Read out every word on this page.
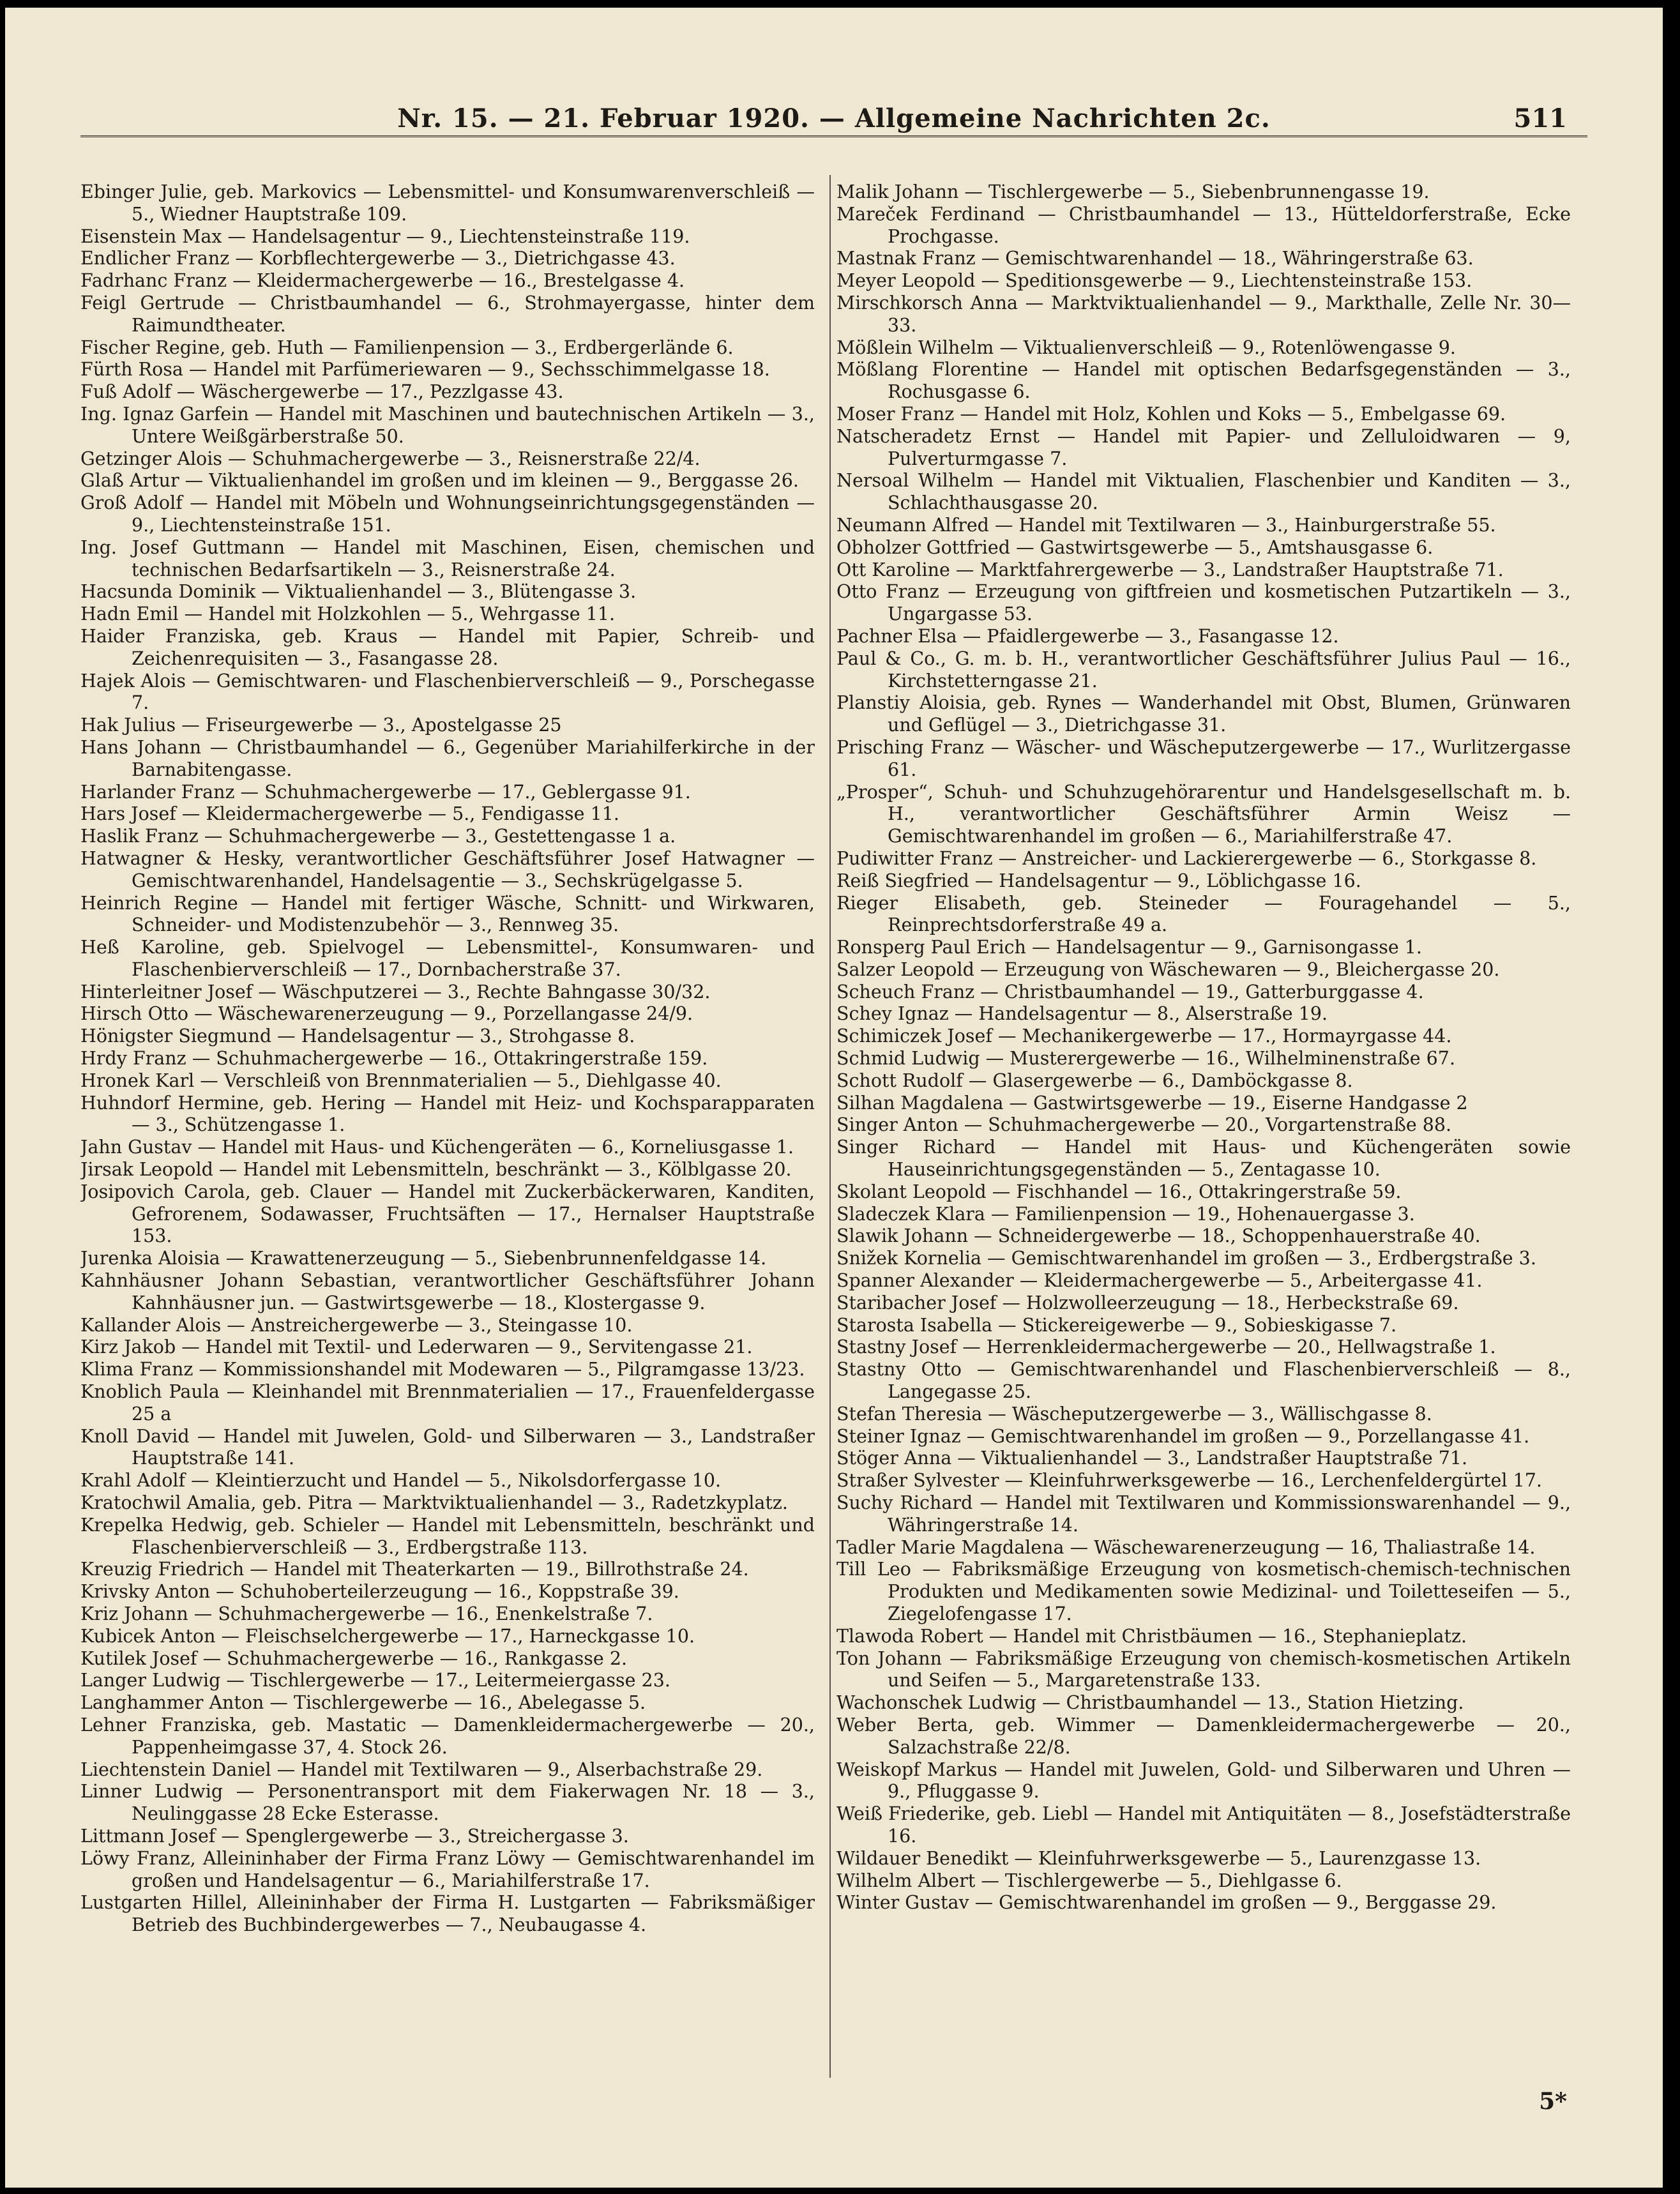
Nr. 15. — 21. Februar 1920. — Allgemeine Nachrichten 2c.	511

Ebinger Julie, geb. Markovics — Lebensmittel- und Konsumwarenverschleiß — 5., Wiedner Hauptstraße 109.

Eisenstein Max — Handelsagentur — 9., Liechtensteinstraße 119.

Endlicher Franz — Korbflechtergewerbe — 3., Dietrichgasse 43.

Fadrhanc Franz — Kleidermachergewerbe — 16., Brestelgasse 4.

Feigl Gertrude — Christbaumhandel — 6., Strohmayergasse, hinter dem Raimundtheater.

Fischer Regine, geb. Huth — Familienpension — 3., Erdbergerlände 6.

Fürth Rosa — Handel mit Parfümeriewaren — 9., Sechsschimmelgasse 18.

Fuß Adolf — Wäschergewerbe — 17., Pezzlgasse 43.

Ing. Ignaz Garfein — Handel mit Maschinen und bautechnischen Artikeln — 3., Untere Weißgärberstraße 50.

Getzinger Alois — Schuhmachergewerbe — 3., Reisnerstraße 22/4.

Glaß Artur — Viktualienhandel im großen und im kleinen — 9., Berggasse 26.

Groß Adolf — Handel mit Möbeln und Wohnungseinrichtungsgegenständen — 9., Liechtensteinstraße 151.

Ing. Josef Guttmann — Handel mit Maschinen, Eisen, chemischen und technischen Bedarfsartikeln — 3., Reisnerstraße 24.

Hacsunda Dominik — Viktualienhandel — 3., Blütengasse 3.

Hadn Emil — Handel mit Holzkohlen — 5., Wehrgasse 11.

Haider Franziska, geb. Kraus — Handel mit Papier, Schreib- und Zeichenrequisiten — 3., Fasangasse 28.

Hajek Alois — Gemischtwaren- und Flaschenbierverschleiß — 9., Porschegasse 7.

Hak Julius — Friseurgewerbe — 3., Apostelgasse 25

Hans Johann — Christbaumhandel — 6., Gegenüber Mariahilferkirche in der Barnabitengasse.

Harlander Franz — Schuhmachergewerbe — 17., Geblergasse 91.

Hars Josef — Kleidermachergewerbe — 5., Fendigasse 11.

Haslik Franz — Schuhmachergewerbe — 3., Gestettengasse 1 a.

Hatwagner & Hesky, verantwortlicher Geschäftsführer Josef Hatwagner — Gemischtwarenhandel, Handelsagentie — 3., Sechskrügelgasse 5.

Heinrich Regine — Handel mit fertiger Wäsche, Schnitt- und Wirkwaren, Schneider- und Modistenzubehör — 3., Rennweg 35.

Heß Karoline, geb. Spielvogel — Lebensmittel-, Konsumwaren- und Flaschenbierverschleiß — 17., Dornbacherstraße 37.

Hinterleitner Josef — Wäschputzerei — 3., Rechte Bahngasse 30/32.

Hirsch Otto — Wäschewarenerzeugung — 9., Porzellangasse 24/9.

Hönigster Siegmund — Handelsagentur — 3., Strohgasse 8.

Hrdy Franz — Schuhmachergewerbe — 16., Ottakringerstraße 159.

Hronek Karl — Verschleiß von Brennmaterialien — 5., Diehlgasse 40.

Huhndorf Hermine, geb. Hering — Handel mit Heiz- und Kochsparapparaten — 3., Schützengasse 1.

Jahn Gustav — Handel mit Haus- und Küchengeräten — 6., Korneliusgasse 1.

Jirsak Leopold — Handel mit Lebensmitteln, beschränkt — 3., Kölblgasse 20.

Josipovich Carola, geb. Clauer — Handel mit Zuckerbäckerwaren, Kanditen, Gefrorenem, Sodawasser, Fruchtsäften — 17., Hernalser Hauptstraße 153.

Jurenka Aloisia — Krawattenerzeugung — 5., Siebenbrunnenfeldgasse 14.

Kahnhäusner Johann Sebastian, verantwortlicher Geschäftsführer Johann Kahnhäusner jun. — Gastwirtsgewerbe — 18., Klostergasse 9.

Kallander Alois — Anstreichergewerbe — 3., Steingasse 10.

Kirz Jakob — Handel mit Textil- und Lederwaren — 9., Servitengasse 21.

Klima Franz — Kommissionshandel mit Modewaren — 5., Pilgramgasse 13/23.

Knoblich Paula — Kleinhandel mit Brennmaterialien — 17., Frauenfeldergasse 25 a

Knoll David — Handel mit Juwelen, Gold- und Silberwaren — 3., Landstraßer Hauptstraße 141.

Krahl Adolf — Kleintierzucht und Handel — 5., Nikolsdorfergasse 10.

Kratochwil Amalia, geb. Pitra — Marktviktualienhandel — 3., Radetzkyplatz.

Krepelka Hedwig, geb. Schieler — Handel mit Lebensmitteln, beschränkt und Flaschenbierverschleiß — 3., Erdbergstraße 113.

Kreuzig Friedrich — Handel mit Theaterkarten — 19., Billrothstraße 24.

Krivsky Anton — Schuhoberteilerzeugung — 16., Koppstraße 39.

Kriz Johann — Schuhmachergewerbe — 16., Enenkelstraße 7.

Kubicek Anton — Fleischselchergewerbe — 17., Harneckgasse 10.

Kutilek Josef — Schuhmachergewerbe — 16., Rankgasse 2.

Langer Ludwig — Tischlergewerbe — 17., Leitermeiergasse 23.

Langhammer Anton — Tischlergewerbe — 16., Abelegasse 5.

Lehner Franziska, geb. Mastatic — Damenkleidermachergewerbe — 20., Pappenheimgasse 37, 4. Stock 26.

Liechtenstein Daniel — Handel mit Textilwaren — 9., Alserbachstraße 29.

Linner Ludwig — Personentransport mit dem Fiakerwagen Nr. 18 — 3., Neulinggasse 28 Ecke Esteгasse.

Littmann Josef — Spenglergewerbe — 3., Streichergasse 3.

Löwy Franz, Alleininhaber der Firma Franz Löwy — Gemischtwarenhandel im großen und Handelsagentur — 6., Mariahilferstraße 17.

Lustgarten Hillel, Alleininhaber der Firma H. Lustgarten — Fabriksmäßiger Betrieb des Buchbindergewerbes — 7., Neubaugasse 4.

Malik Johann — Tischlergewerbe — 5., Siebenbrunnengasse 19.

Mareček Ferdinand — Christbaumhandel — 13., Hütteldorferstraße, Ecke Prochgasse.

Mastnak Franz — Gemischtwarenhandel — 18., Währingerstraße 63.

Meyer Leopold — Speditionsgewerbe — 9., Liechtensteinstraße 153.

Mirschkorsch Anna — Marktviktualienhandel — 9., Markthalle, Zelle Nr. 30—33.

Mößlein Wilhelm — Viktualienverschleiß — 9., Rotenlöwengasse 9.

Mößlang Florentine — Handel mit optischen Bedarfsgegenständen — 3., Rochusgasse 6.

Moser Franz — Handel mit Holz, Kohlen und Koks — 5., Embelgasse 69.

Natscheradetz Ernst — Handel mit Papier- und Zelluloidwaren — 9, Pulverturmgasse 7.

Nersoal Wilhelm — Handel mit Viktualien, Flaschenbier und Kanditen — 3., Schlachthausgasse 20.

Neumann Alfred — Handel mit Textilwaren — 3., Hainburgerstraße 55.

Obholzer Gottfried — Gastwirtsgewerbe — 5., Amtshausgasse 6.

Ott Karoline — Marktfahrergewerbe — 3., Landstraßer Hauptstraße 71.

Otto Franz — Erzeugung von giftfreien und kosmetischen Putzartikeln — 3., Ungargasse 53.

Pachner Elsa — Pfaidlergewerbe — 3., Fasangasse 12.

Paul & Co., G. m. b. H., verantwortlicher Geschäftsführer Julius Paul — 16., Kirchstetterngasse 21.

Planstiy Aloisia, geb. Rynes — Wanderhandel mit Obst, Blumen, Grünwaren und Geflügel — 3., Dietrichgasse 31.

Prisching Franz — Wäscher- und Wäscheputzergewerbe — 17., Wurlitzergasse 61.

„Prosper“, Schuh- und Schuhzugehörагentur und Handelsgesellschaft m. b. H., verantwortlicher Geschäftsführer Armin Weisz — Gemischtwarenhandel im großen — 6., Mariahilferstraße 47.

Pudiwitter Franz — Anstreicher- und Lackierergewerbe — 6., Storkgasse 8.

Reiß Siegfried — Handelsagentur — 9., Löblichgasse 16.

Rieger Elisabeth, geb. Steineder — Fouragehandel — 5., Reinprechtsdorferstraße 49 a.

Ronsperg Paul Erich — Handelsagentur — 9., Garnisongasse 1.

Salzer Leopold — Erzeugung von Wäschewaren — 9., Bleichergasse 20.

Scheuch Franz — Christbaumhandel — 19., Gatterburggasse 4.

Schey Ignaz — Handelsagentur — 8., Alserstraße 19.

Schimiczek Josef — Mechanikergewerbe — 17., Hormayrgasse 44.

Schmid Ludwig — Musterergewerbe — 16., Wilhelminenstraße 67.

Schott Rudolf — Glasergewerbe — 6., Damböckgasse 8.

Silhan Magdalena — Gastwirtsgewerbe — 19., Eiserne Handgasse 2

Singer Anton — Schuhmachergewerbe — 20., Vorgartenstraße 88.

Singer Richard — Handel mit Haus- und Küchengeräten sowie Hauseinrichtungsgegenständen — 5., Zentagasse 10.

Skolant Leopold — Fischhandel — 16., Ottakringerstraße 59.

Sladeczek Klara — Familienpension — 19., Hohenauergasse 3.

Slawik Johann — Schneidergewerbe — 18., Schoppenhauerstraße 40.

Snižek Kornelia — Gemischtwarenhandel im großen — 3., Erdbergstraße 3.

Spanner Alexander — Kleidermachergewerbe — 5., Arbeitergasse 41.

Staribacher Josef — Holzwolleerzeugung — 18., Herbeckstraße 69.

Starosta Isabella — Stickereigewerbe — 9., Sobieskigasse 7.

Stastny Josef — Herrenkleidermachergewerbe — 20., Hellwagstraße 1.

Stastny Otto — Gemischtwarenhandel und Flaschenbierverschleiß — 8., Langegasse 25.

Stefan Theresia — Wäscheputzergewerbe — 3., Wällischgasse 8.

Steiner Ignaz — Gemischtwarenhandel im großen — 9., Porzellangasse 41.

Stöger Anna — Viktualienhandel — 3., Landstraßer Hauptstraße 71.

Straßer Sylvester — Kleinfuhrwerksgewerbe — 16., Lerchenfeldergürtel 17.

Suchy Richard — Handel mit Textilwaren und Kommissionswarenhandel — 9., Währingerstraße 14.

Tadler Marie Magdalena — Wäschewarenerzeugung — 16, Thaliastraße 14.

Till Leo — Fabriksmäßige Erzeugung von kosmetisch-chemisch-technischen Produkten und Medikamenten sowie Medizinal- und Toiletteseifen — 5., Ziegelofengasse 17.

Tlawoda Robert — Handel mit Christbäumen — 16., Stephanieplatz.

Ton Johann — Fabriksmäßige Erzeugung von chemisch-kosmetischen Artikeln und Seifen — 5., Margaretenstraße 133.

Wachonschek Ludwig — Christbaumhandel — 13., Station Hietzing.

Weber Berta, geb. Wimmer — Damenkleidermachergewerbe — 20., Salzachstraße 22/8.

Weiskopf Markus — Handel mit Juwelen, Gold- und Silberwaren und Uhren — 9., Pfluggasse 9.

Weiß Friederike, geb. Liebl — Handel mit Antiquitäten — 8., Josefstädterstraße 16.

Wildauer Benedikt — Kleinfuhrwerksgewerbe — 5., Laurenzgasse 13.

Wilhelm Albert — Tischlergewerbe — 5., Diehlgasse 6.

Winter Gustav — Gemischtwarenhandel im großen — 9., Berggasse 29.

5*
